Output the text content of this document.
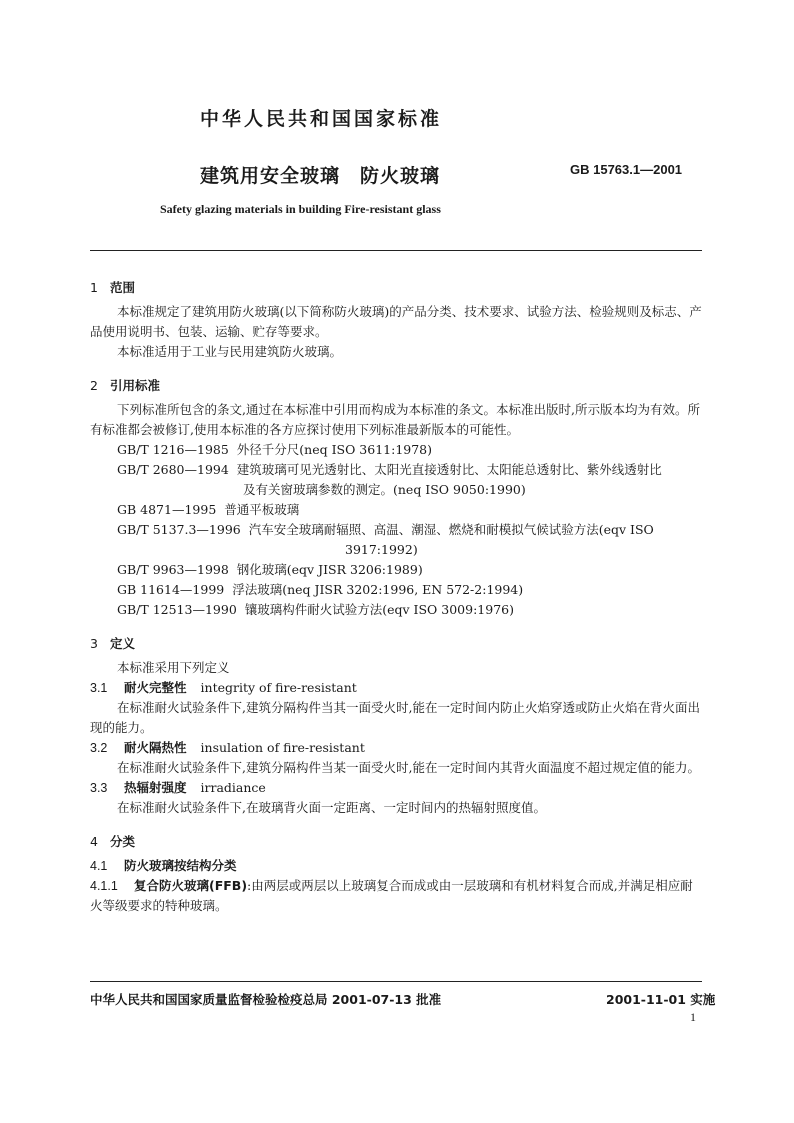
中华人民共和国国家标准
建筑用安全玻璃　防火玻璃	GB 15763.1—2001
Safety glazing materials in building Fire-resistant glass

1 范围

本标准规定了建筑用防火玻璃(以下简称防火玻璃)的产品分类、技术要求、试验方法、检验规则及标志、产品使用说明书、包装、运输、贮存等要求。

本标准适用于工业与民用建筑防火玻璃。

2 引用标准

下列标准所包含的条文,通过在本标准中引用而构成为本标准的条文。本标准出版时,所示版本均为有效。所有标准都会被修订,使用本标准的各方应探讨使用下列标准最新版本的可能性。

GB/T 1216—1985 外径千分尺(neq ISO 3611:1978)

GB/T 2680—1994 建筑玻璃可见光透射比、太阳光直接透射比、太阳能总透射比、紫外线透射比

及有关窗玻璃参数的测定。(neq ISO 9050:1990)

GB 4871—1995 普通平板玻璃

GB/T 5137.3—1996 汽车安全玻璃耐辐照、高温、潮湿、燃烧和耐模拟气候试验方法(eqv ISO

3917:1992)

GB/T 9963—1998 钢化玻璃(eqv JISR 3206:1989)

GB 11614—1999 浮法玻璃(neq JISR 3202:1996, EN 572-2:1994)

GB/T 12513—1990 镶玻璃构件耐火试验方法(eqv ISO 3009:1976)

3 定义

本标准采用下列定义

3.1 耐火完整性 integrity of fire-resistant

在标准耐火试验条件下,建筑分隔构件当其一面受火时,能在一定时间内防止火焰穿透或防止火焰在背火面出现的能力。

3.2 耐火隔热性 insulation of fire-resistant

在标准耐火试验条件下,建筑分隔构件当某一面受火时,能在一定时间内其背火面温度不超过规定值的能力。

3.3 热辐射强度 irradiance

在标准耐火试验条件下,在玻璃背火面一定距离、一定时间内的热辐射照度值。

4 分类

4.1 防火玻璃按结构分类

4.1.1 复合防火玻璃(FFB):由两层或两层以上玻璃复合而成或由一层玻璃和有机材料复合而成,并满足相应耐火等级要求的特种玻璃。

中华人民共和国国家质量监督检验检疫总局 2001-07-13 批准	2001-11-01 实施
1
